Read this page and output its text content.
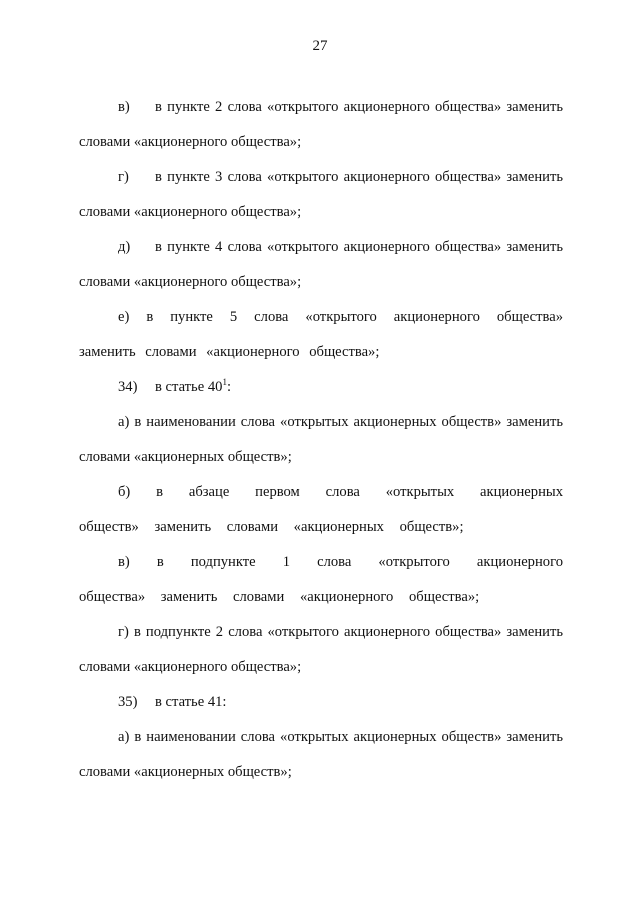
27

в) в пункте 2 слова «открытого акционерного общества» заменить словами «акционерного общества»;

г) в пункте 3 слова «открытого акционерного общества» заменить словами «акционерного общества»;

д) в пункте 4 слова «открытого акционерного общества» заменить словами «акционерного общества»;

е) в пункте 5 слова «открытого акционерного общества» заменить словами «акционерного общества»;

34) в статье $40^1$:

а) в наименовании слова «открытых акционерных обществ» заменить словами «акционерных обществ»;

б) в абзаце первом слова «открытых акционерных обществ» заменить словами «акционерных обществ»;

в) в подпункте 1 слова «открытого акционерного общества» заменить словами «акционерного общества»;

г) в подпункте 2 слова «открытого акционерного общества» заменить словами «акционерного общества»;

35) в статье 41:

а) в наименовании слова «открытых акционерных обществ» заменить словами «акционерных обществ»;
